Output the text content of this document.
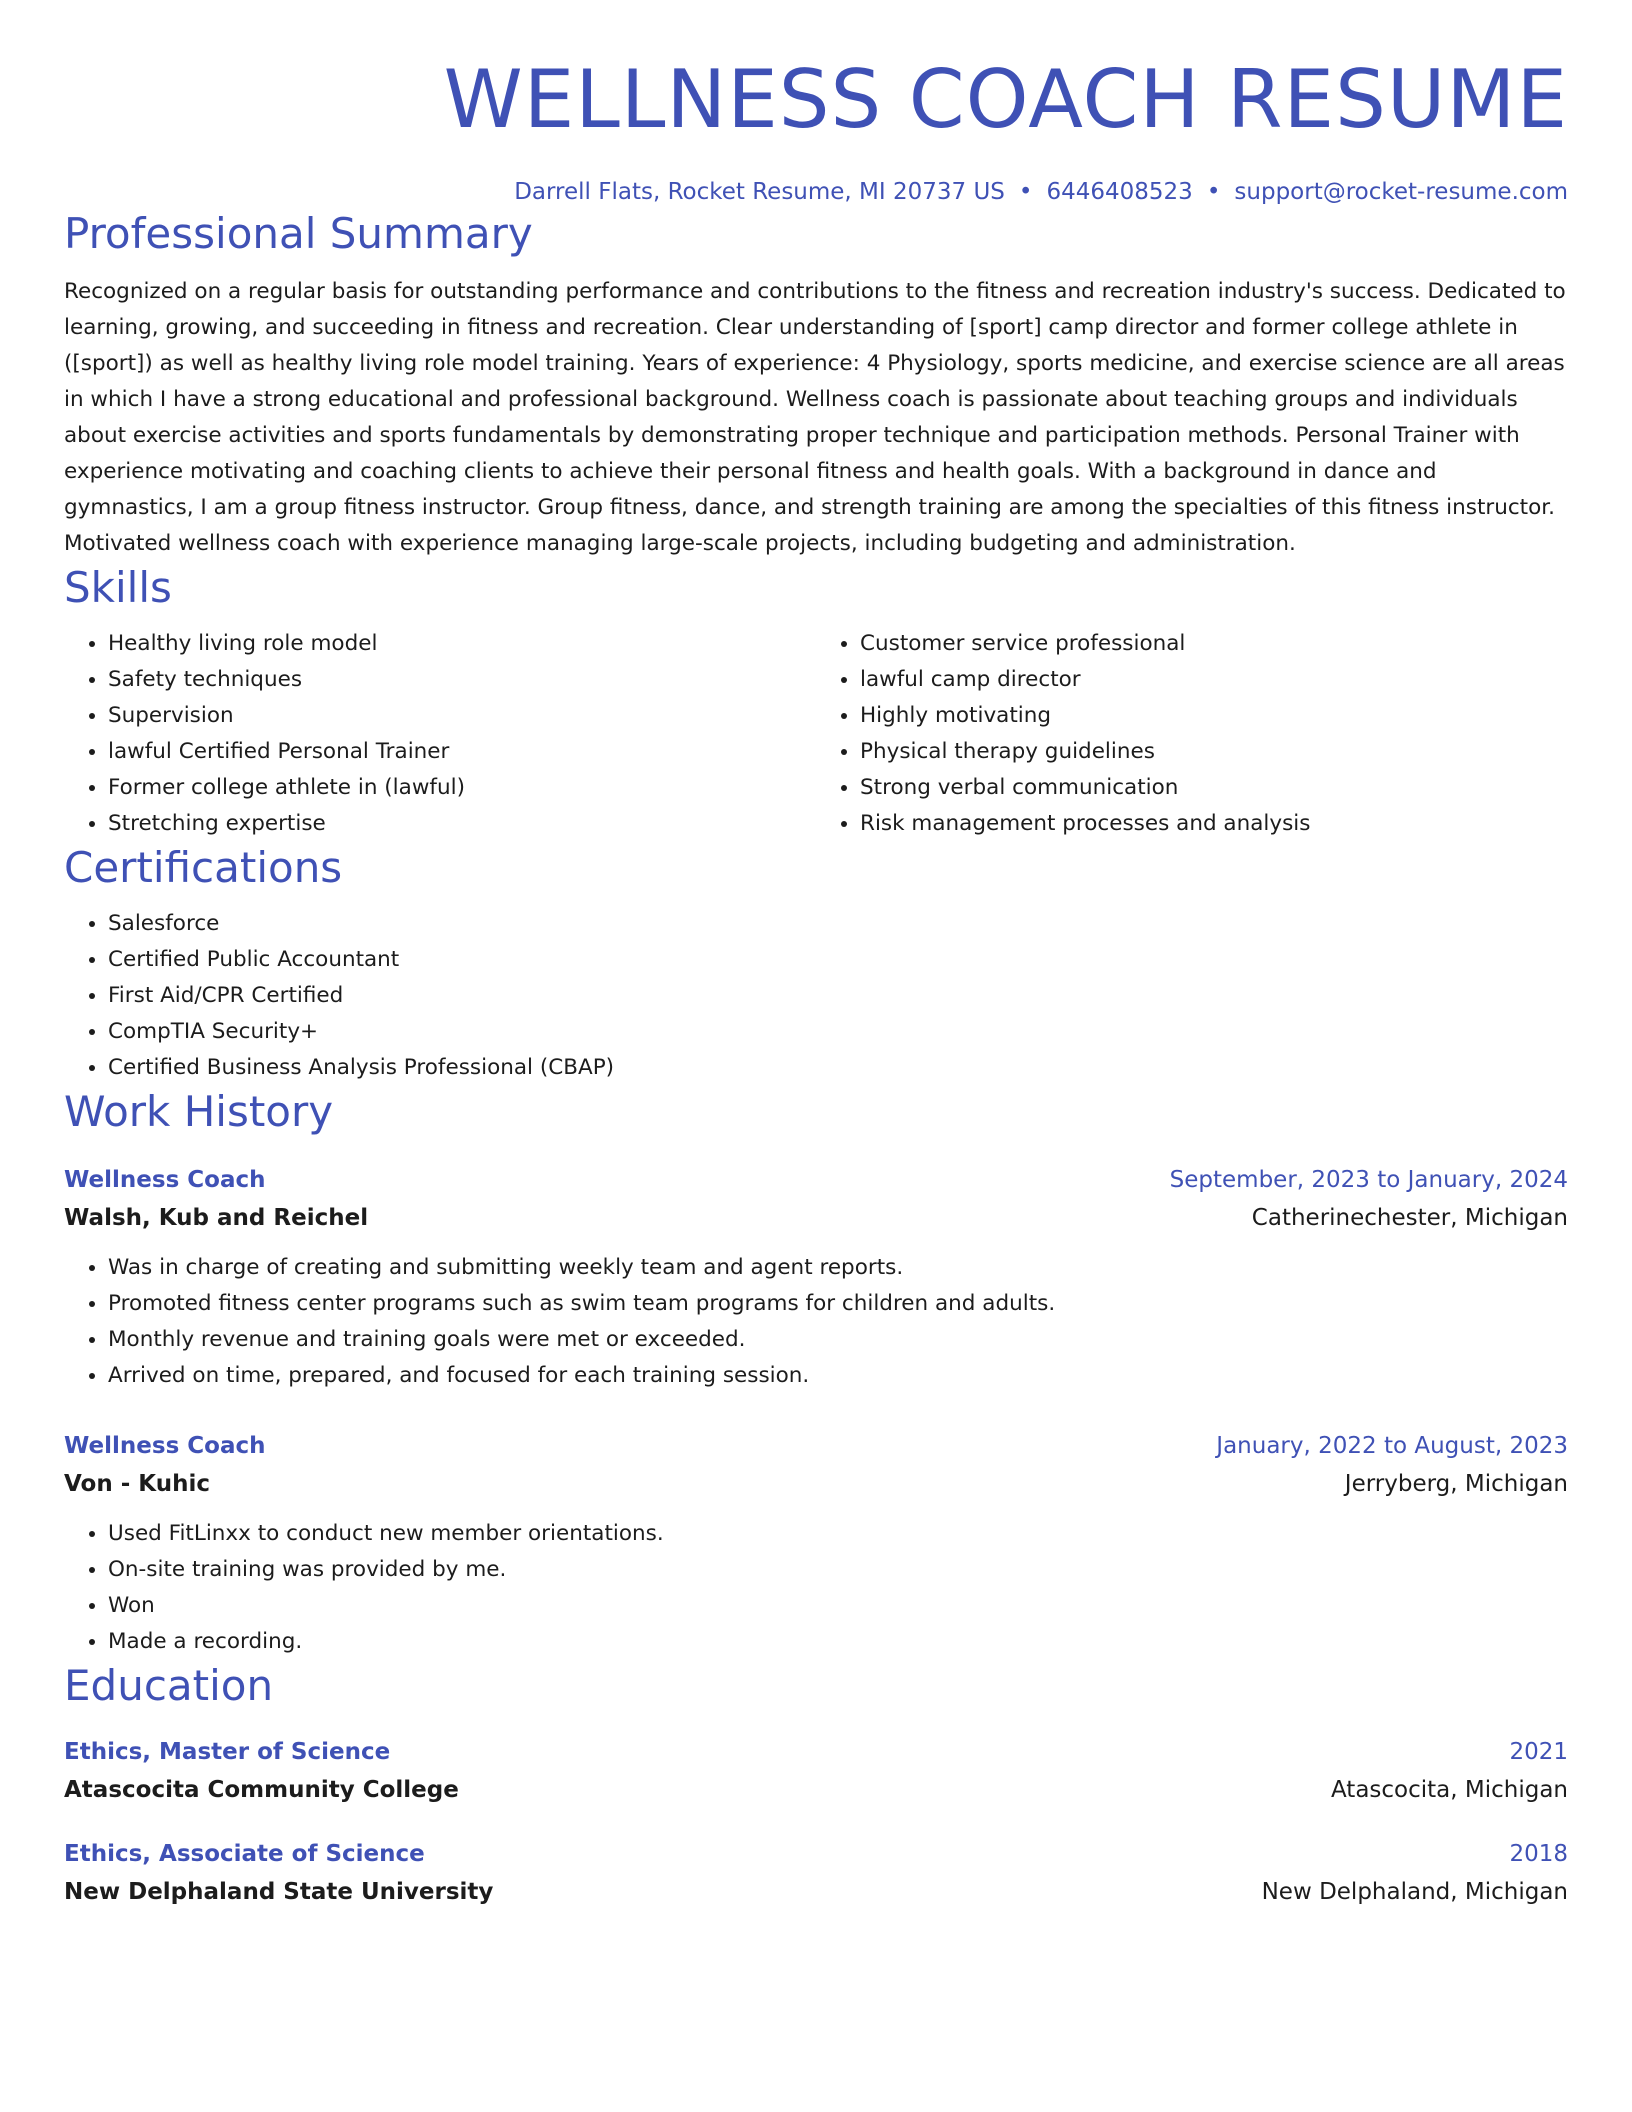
WELLNESS COACH RESUME
Darrell Flats, Rocket Resume, MI 20737 US • 6446408523 • support@rocket-resume.com
Professional Summary
Recognized on a regular basis for outstanding performance and contributions to the fitness and recreation industry's success. Dedicated to learning, growing, and succeeding in fitness and recreation. Clear understanding of [sport] camp director and former college athlete in ([sport]) as well as healthy living role model training. Years of experience: 4 Physiology, sports medicine, and exercise science are all areas in which I have a strong educational and professional background. Wellness coach is passionate about teaching groups and individuals about exercise activities and sports fundamentals by demonstrating proper technique and participation methods. Personal Trainer with experience motivating and coaching clients to achieve their personal fitness and health goals. With a background in dance and gymnastics, I am a group fitness instructor. Group fitness, dance, and strength training are among the specialties of this fitness instructor. Motivated wellness coach with experience managing large-scale projects, including budgeting and administration.
Skills
• Healthy living role model
• Safety techniques
• Supervision
• lawful Certified Personal Trainer
• Former college athlete in (lawful)
• Stretching expertise
• Customer service professional
• lawful camp director
• Highly motivating
• Physical therapy guidelines
• Strong verbal communication
• Risk management processes and analysis
Certifications
• Salesforce
• Certified Public Accountant
• First Aid/CPR Certified
• CompTIA Security+
• Certified Business Analysis Professional (CBAP)
Work History
Wellness Coach	September, 2023 to January, 2024
Walsh, Kub and Reichel	Catherinechester, Michigan
• Was in charge of creating and submitting weekly team and agent reports.
• Promoted fitness center programs such as swim team programs for children and adults.
• Monthly revenue and training goals were met or exceeded.
• Arrived on time, prepared, and focused for each training session.
Wellness Coach	January, 2022 to August, 2023
Von - Kuhic	Jerryberg, Michigan
• Used FitLinxx to conduct new member orientations.
• On-site training was provided by me.
• Won
• Made a recording.
Education
Ethics, Master of Science	2021
Atascocita Community College	Atascocita, Michigan
Ethics, Associate of Science	2018
New Delphaland State University	New Delphaland, Michigan
